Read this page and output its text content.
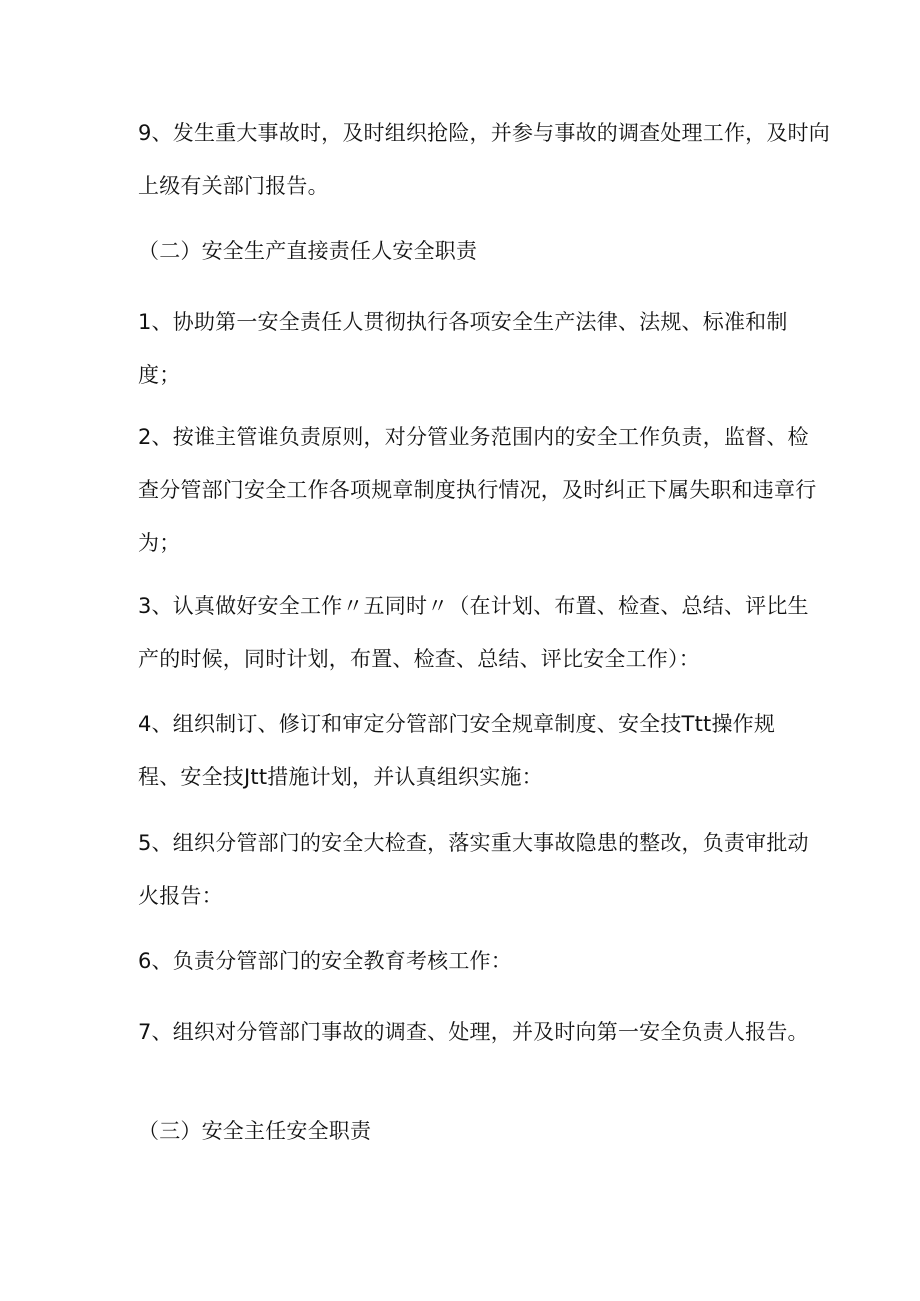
9、发生重大事故时，及时组织抢险，并参与事故的调查处理工作，及时向
上级有关部门报告。

（二）安全生产直接责任人安全职责

1、协助第一安全责任人贯彻执行各项安全生产法律、法规、标准和制
度；

2、按谁主管谁负责原则，对分管业务范围内的安全工作负责，监督、检
查分管部门安全工作各项规章制度执行情况，及时纠正下属失职和违章行
为；

3、认真做好安全工作〃五同时〃（在计划、布置、检查、总结、评比生
产的时候，同时计划，布置、检查、总结、评比安全工作）：

4、组织制订、修订和审定分管部门安全规章制度、安全技Ttt操作规
程、安全技Jtt措施计划，并认真组织实施：

5、组织分管部门的安全大检查，落实重大事故隐患的整改，负责审批动
火报告：

6、负责分管部门的安全教育考核工作：

7、组织对分管部门事故的调查、处理，并及时向第一安全负责人报告。

（三）安全主任安全职责
